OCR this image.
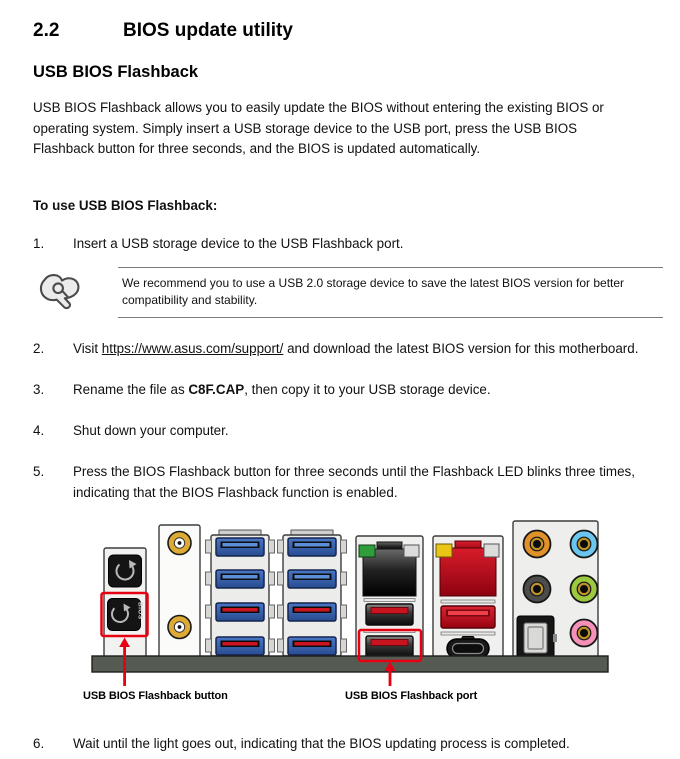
2.2	BIOS update utility
USB BIOS Flashback

USB BIOS Flashback allows you to easily update the BIOS without entering the existing BIOS or operating system. Simply insert a USB storage device to the USB port, press the USB BIOS Flashback button for three seconds, and the BIOS is updated automatically.

To use USB BIOS Flashback:
1.	Insert a USB storage device to the USB Flashback port.
We recommend you to use a USB 2.0 storage device to save the latest BIOS version for better compatibility and stability.
2.	Visit https://www.asus.com/support/ and download the latest BIOS version for this motherboard.
3.	Rename the file as C8F.CAP, then copy it to your USB storage device.
4.	Shut down your computer.
5.	Press the BIOS Flashback button for three seconds until the Flashback LED blinks three times, indicating that the BIOS Flashback function is enabled.
BIOS
USB BIOS Flashback button	USB BIOS Flashback port
6.	Wait until the light goes out, indicating that the BIOS updating process is completed.
